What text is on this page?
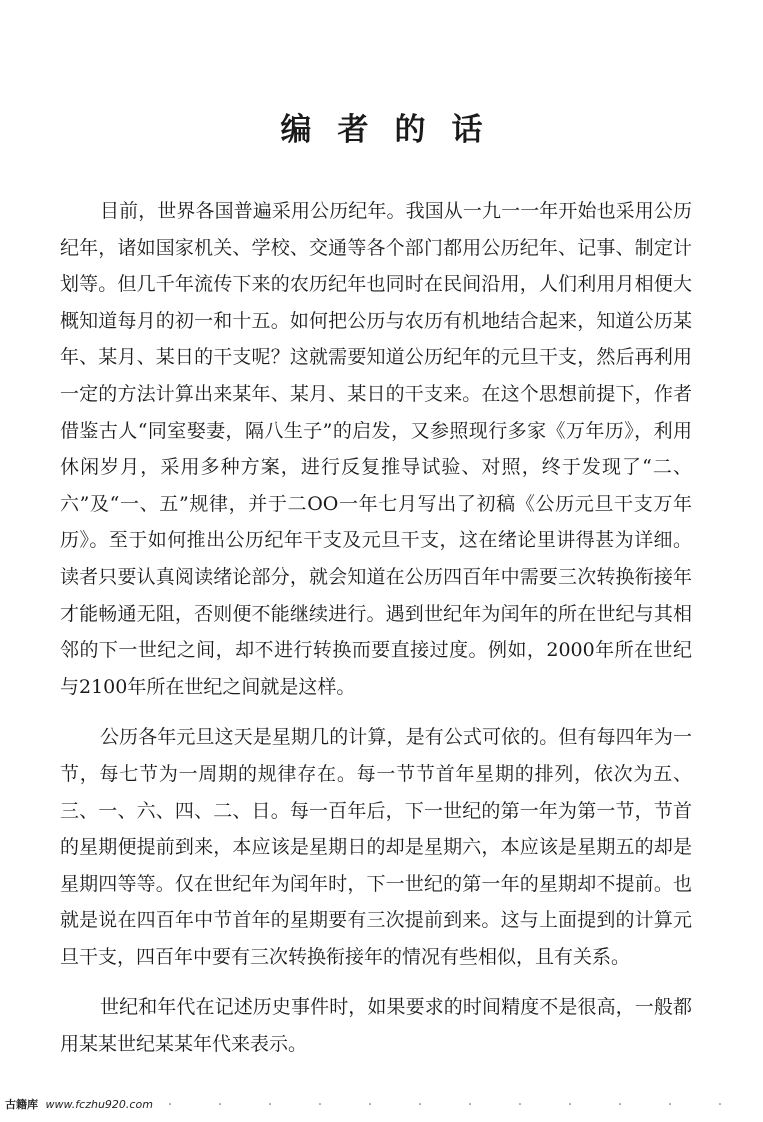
编者的话

目前，世界各国普遍采用公历纪年。我国从一九一一年开始也采用公历纪年，诸如国家机关、学校、交通等各个部门都用公历纪年、记事、制定计划等。但几千年流传下来的农历纪年也同时在民间沿用，人们利用月相便大概知道每月的初一和十五。如何把公历与农历有机地结合起来，知道公历某年、某月、某日的干支呢？这就需要知道公历纪年的元旦干支，然后再利用一定的方法计算出来某年、某月、某日的干支来。在这个思想前提下，作者借鉴古人“同室娶妻，隔八生子”的启发，又参照现行多家《万年历》，利用休闲岁月，采用多种方案，进行反复推导试验、对照，终于发现了“二、六”及“一、五”规律，并于二OO一年七月写出了初稿《公历元旦干支万年历》。至于如何推出公历纪年干支及元旦干支，这在绪论里讲得甚为详细。读者只要认真阅读绪论部分，就会知道在公历四百年中需要三次转换衔接年才能畅通无阻，否则便不能继续进行。遇到世纪年为闰年的所在世纪与其相邻的下一世纪之间，却不进行转换而要直接过度。例如，2000年所在世纪与2100年所在世纪之间就是这样。

公历各年元旦这天是星期几的计算，是有公式可依的。但有每四年为一节，每七节为一周期的规律存在。每一节节首年星期的排列，依次为五、三、一、六、四、二、日。每一百年后，下一世纪的第一年为第一节，节首的星期便提前到来，本应该是星期日的却是星期六，本应该是星期五的却是星期四等等。仅在世纪年为闰年时，下一世纪的第一年的星期却不提前。也就是说在四百年中节首年的星期要有三次提前到来。这与上面提到的计算元旦干支，四百年中要有三次转换衔接年的情况有些相似，且有关系。

世纪和年代在记述历史事件时，如果要求的时间精度不是很高，一般都用某某世纪某某年代来表示。

古籍库 www.fczhu920.com
